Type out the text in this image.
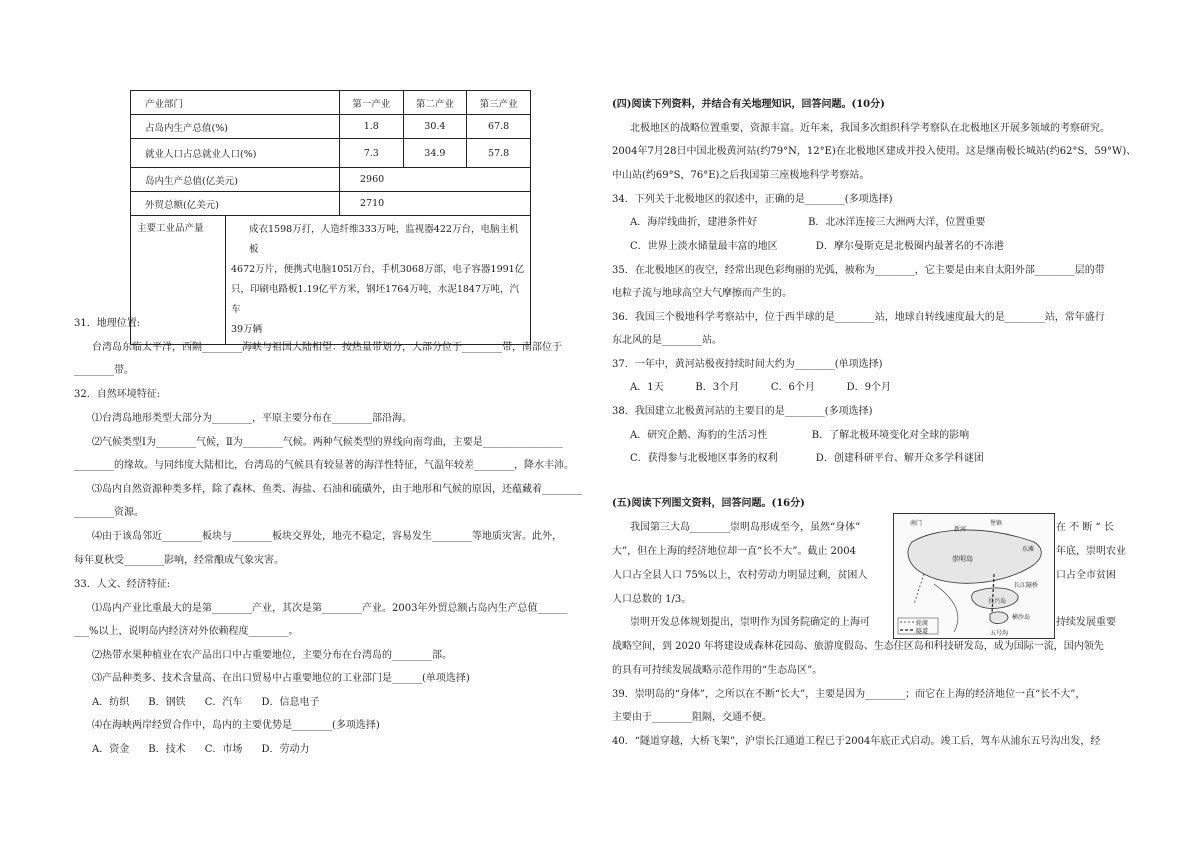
产业部门	第一产业	第二产业	第三产业
占岛内生产总值(%)	1.8	30.4	67.8
就业人口占总就业人口(%)	7.3	34.9	57.8
岛内生产总值(亿美元)	2960		
外贸总额(亿美元)	2710		

主要工业品产量 成衣1598万打，人造纤维333万吨，监视器422万台，电脑主机板
4672万片，便携式电脑105l万台，手机3068万部，电子容器1991亿
只，印刷电路板1.19亿平方米，钢坯1764万吨，水泥1847万吨，汽车
39万辆			
31．地理位置:
台湾岛东临太平洋，西隔________海峡与祖国大陆相望：按热量带划分，大部分位于________带，南部位于
________带。
32．自然环境特征:
⑴台湾岛地形类型大部分为________，平原主要分布在________部沿海。
⑵气候类型Ⅰ为________气候，Ⅱ为________气候。两种气候类型的界线向南弯曲，主要是________________
________的缘故。与同纬度大陆相比，台湾岛的气候具有较显著的海洋性特征，气温年较差________，降水丰沛。
⑶岛内自然资源种类多样，除了森林、鱼类、海盐、石油和硫磺外，由于地形和气候的原因，还蕴藏着________
________资源。
⑷由于该岛邻近________板块与________板块交界处，地壳不稳定，容易发生________等地质灾害。此外，
每年夏秋受________影响，经常酿成气象灾害。
33．人文、经济特征:
⑴岛内产业比重最大的是第________产业，其次是第________产业。2003年外贸总额占岛内生产总值______
___%以上，说明岛内经济对外依赖程度________。
⑵热带水果种植业在农产品出口中占重要地位，主要分布在台湾岛的________部。
⑶产品种类多、技术含量高、在出口贸易中占重要地位的工业部门是______(单项选择)
A．纺织      B．钢铁      C．汽车      D．信息电子
⑷在海峡两岸经贸合作中，岛内的主要优势是________(多项选择)
A．资金      B．技术      C．市场      D．劳动力
(四)阅读下列资料，并结合有关地理知识，回答问题。(10分)
北极地区的战略位置重要，资源丰富。近年来，我国多次组织科学考察队在北极地区开展多领域的考察研究。
2004年7月28日中国北极黄河站(约79°N，12°E)在北极地区建成并投入使用。这是继南极长城站(约62°S，59°W)、
中山站(约69°S，76°E)之后我国第三座极地科学考察站。
34．下列关于北极地区的叙述中，正确的是________(多项选择)
A．海岸线曲折，建港条件好                B．北冰洋连接三大洲两大洋，位置重要
C．世界上淡水储量最丰富的地区            D．摩尔曼斯克是北极圈内最著名的不冻港
35．在北极地区的夜空，经常出现色彩绚丽的光弧，被称为________，它主要是由来自太阳外部________层的带
电粒子流与地球高空大气摩擦而产生的。
36．我国三个极地科学考察站中，位于西半球的是________站，地球自转线速度最大的是________站，常年盛行
东北风的是________站。
37．一年中，黄河站极夜持续时间大约为________(单项选择)
A．1天          B．3个月          C．6个月          D．9个月
38．我国建立北极黄河站的主要目的是________(多项选择)
A．研究企鹅、海豹的生活习性              B．了解北极环境变化对全球的影响
C．获得参与北极地区事务的权利            D．创建科研平台、解开众多学科谜团
(五)阅读下列图文资料，回答问题。(16分)
我国第三大岛________崇明岛形成至今，虽然“身体”
大”，但在上海的经济地位却一直“长不大”。截止 2004
人口占全县人口 75%以上，农村劳动力明显过剩，贫困人
人口总数的 1/3。
崇明开发总体规划提出，崇明作为国务院确定的上海可
战略空间，到 2020 年将建设成森林花园岛、旅游度假岛、生态住区岛和科技研发岛，成为国际一流，国内领先
的具有可持续发展战略示范作用的“生态岛区”。
39．崇明岛的“身体”，之所以在不断“长大”，主要是因为________；而它在上海的经济地位一直“长不大”，
主要由于________阻隔，交通不便。
40．“隧道穿越，大桥飞架”，沪崇长江通道工程已于2004年底正式启动。竣工后，驾车从浦东五号沟出发，经
在 不 断 “ 长
年底，崇明农业
口占全市贫困
持续发展重要
南门	堡镇
新河
崇明岛
东滩
长兴岛
横沙岛
长江隧桥
五号沟
轮渡
隧道
